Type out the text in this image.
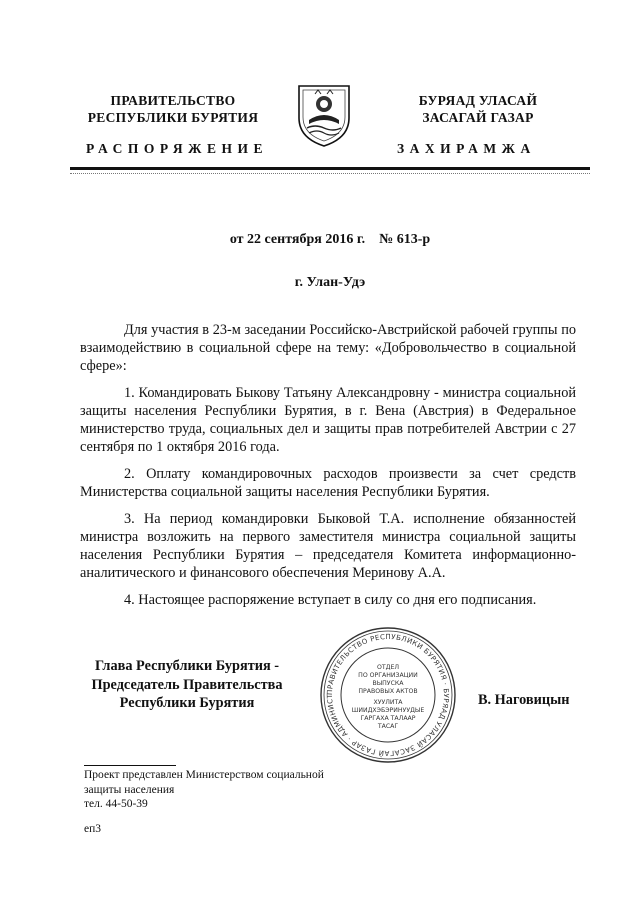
ПРАВИТЕЛЬСТВО
РЕСПУБЛИКИ БУРЯТИЯ
БУРЯАД УЛАСАЙ
ЗАСАГАЙ ГАЗАР
РАСПОРЯЖЕНИЕ	ЗАХИРАМЖА
от 22 сентября 2016 г.    № 613-р
г. Улан-Удэ

Для участия в 23-м заседании Российско-Австрийской рабочей группы по взаимодействию в социальной сфере на тему: «Добровольчество в социальной сфере»:

1. Командировать Быкову Татьяну Александровну - министра социальной защиты населения Республики Бурятия, в г. Вена (Австрия) в Федеральное министерство труда, социальных дел и защиты прав потребителей Австрии с 27 сентября по 1 октября 2016 года.

2. Оплату командировочных расходов произвести за счет средств Министерства социальной защиты населения Республики Бурятия.

3. На период командировки Быковой Т.А. исполнение обязанностей министра возложить на первого заместителя министра социальной защиты населения Республики Бурятия – председателя Комитета информационно-аналитического и финансового обеспечения Меринову А.А.

4. Настоящее распоряжение вступает в силу со дня его подписания.

Глава Республики Бурятия -
Председатель Правительства
Республики Бурятия
ПРАВИТЕЛЬСТВО РЕСПУБЛИКИ БУРЯТИЯ · БУРЯАД УЛАСАЙ ЗАСАГАЙ ГАЗАР · АДМИНИСТ
ОТДЕЛ
ПО ОРГАНИЗАЦИИ
ВЫПУСКА
ПРАВОВЫХ АКТОВ
ХУУЛИТА
ШИИДХЭБЭРИНУУДЫЕ
ГАРГАХА ТАЛААР
ТАСАГ
В. Наговицын
Проект представлен Министерством социальной
защиты населения
тел. 44-50-39
еп3
